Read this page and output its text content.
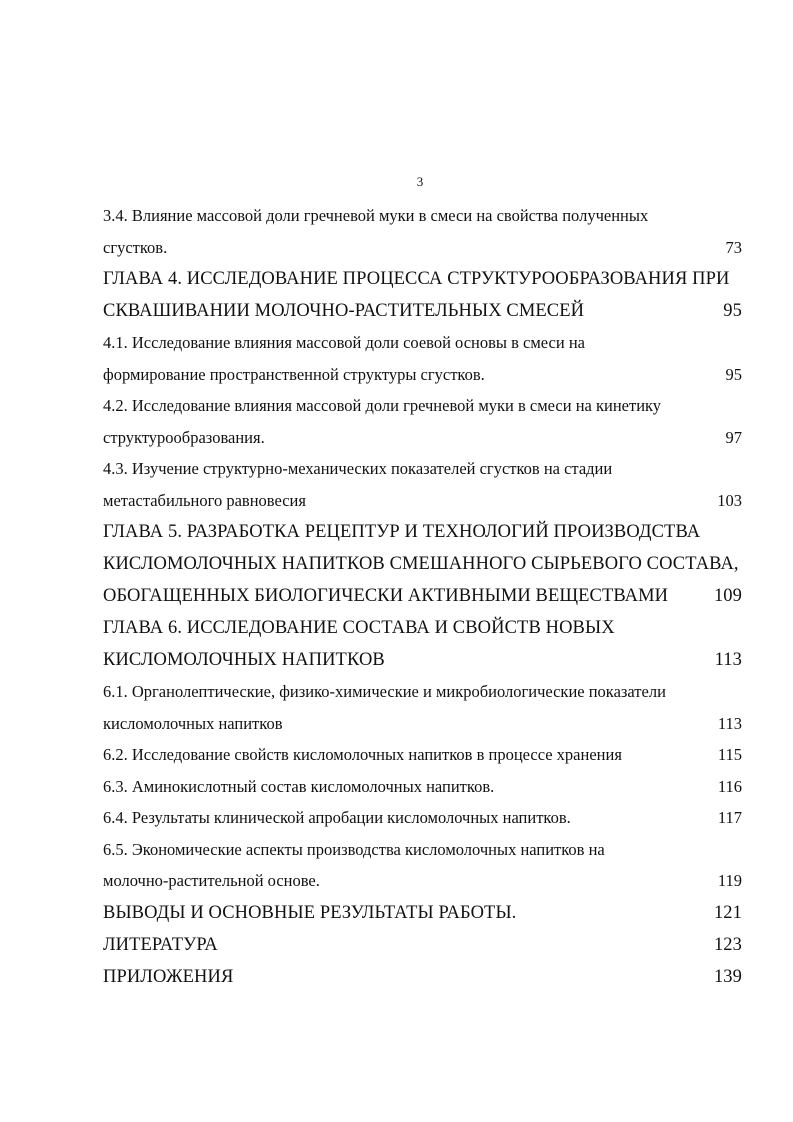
3
3.4. Влияние массовой доли гречневой муки в смеси на свойства полученных
сгустков.	73
ГЛАВА 4. ИССЛЕДОВАНИЕ ПРОЦЕССА СТРУКТУРООБРАЗОВАНИЯ ПРИ
СКВАШИВАНИИ МОЛОЧНО-РАСТИТЕЛЬНЫХ СМЕСЕЙ	95
4.1. Исследование влияния массовой доли соевой основы в смеси на
формирование пространственной структуры сгустков.	95
4.2. Исследование влияния массовой доли гречневой муки в смеси на кинетику
структурообразования.	97
4.3. Изучение структурно-механических показателей сгустков на стадии
метастабильного равновесия	103
ГЛАВА 5. РАЗРАБОТКА РЕЦЕПТУР И ТЕХНОЛОГИЙ ПРОИЗВОДСТВА
КИСЛОМОЛОЧНЫХ НАПИТКОВ СМЕШАННОГО СЫРЬЕВОГО СОСТАВА,
ОБОГАЩЕННЫХ БИОЛОГИЧЕСКИ АКТИВНЫМИ ВЕЩЕСТВАМИ 109
ГЛАВА 6. ИССЛЕДОВАНИЕ СОСТАВА И СВОЙСТВ НОВЫХ
КИСЛОМОЛОЧНЫХ НАПИТКОВ	113
6.1. Органолептические, физико-химические и микробиологические показатели
кисломолочных напитков	113
6.2. Исследование свойств кисломолочных напитков в процессе хранения	115
6.3. Аминокислотный состав кисломолочных напитков.	116
6.4. Результаты клинической апробации кисломолочных напитков.	117
6.5. Экономические аспекты производства кисломолочных напитков на
молочно-растительной основе.	119
ВЫВОДЫ И ОСНОВНЫЕ РЕЗУЛЬТАТЫ РАБОТЫ.	121
ЛИТЕРАТУРА	123
ПРИЛОЖЕНИЯ	139
